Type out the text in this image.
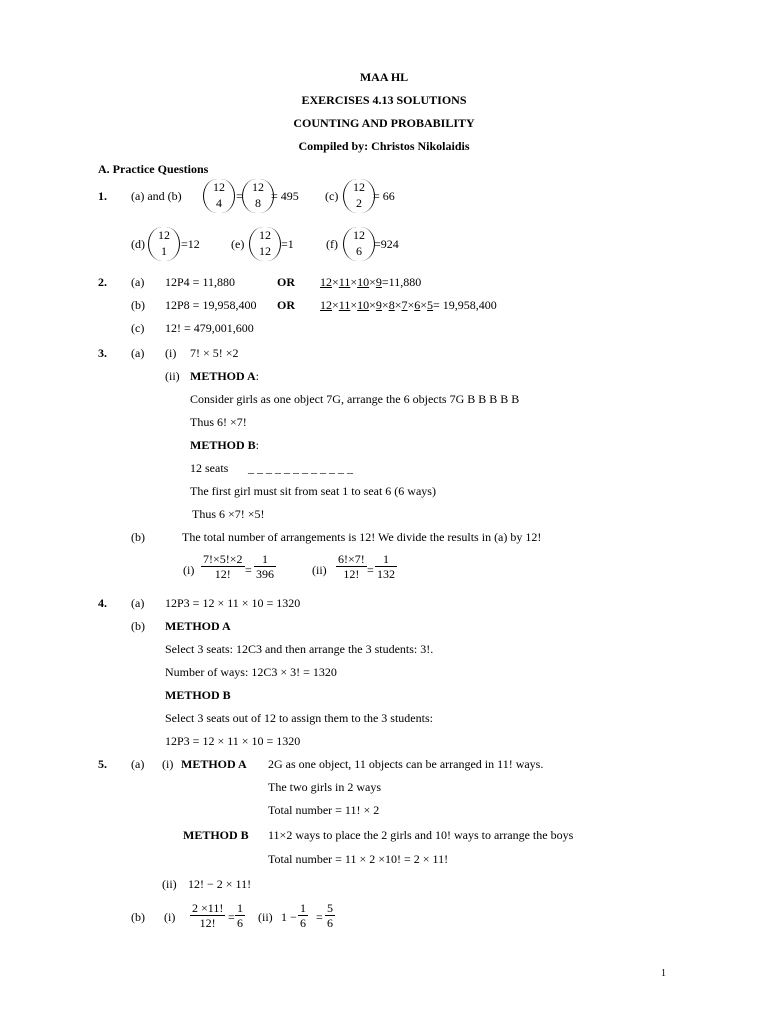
MAA HL
EXERCISES 4.13 SOLUTIONS
COUNTING AND PROBABILITY
Compiled by: Christos Nikolaidis
A. Practice Questions
1. (a) and (b)
12
4	=
12
8 = 495 (c)
12
2 = 66
(d)
12
1	=12	(e)
12
12 =1	(f)
12
6	=924
2. (a) 12P4 = 11,880	OR 12×11×10×9=11,880
(b) 12P8 = 19,958,400 OR 12×11×10×9×8×7×6×5= 19,958,400
(c) 12! = 479,001,600
3. (a) (i) 7! × 5! ×2
(ii) METHOD A:
Consider girls as one object 7G, arrange the 6 objects 7G B B B B B
Thus 6! ×7!
METHOD B:
12 seats _ _ _ _ _ _ _ _ _ _ _ _
The first girl must sit from seat 1 to seat 6 (6 ways)
Thus 6 ×7! ×5!
(b)	The total number of arrangements is 12! We divide the results in (a) by 12!
$(i) \frac{7!\times 5!\times 2}{12!} = \frac{1}{396}$	$(ii) \frac{6!\times 7!}{12!} = \frac{1}{132}$
4. (a) 12P3 = 12 × 11 × 10 = 1320
(b) METHOD A
Select 3 seats: 12C3 and then arrange the 3 students: 3!.
Number of ways: 12C3 × 3! = 1320
METHOD B
Select 3 seats out of 12 to assign them to the 3 students:
12P3 = 12 × 11 × 10 = 1320
5. (a) (i) METHOD A 2G as one object, 11 objects can be arranged in 11! ways.
The two girls in 2 ways
Total number = 11! × 2
METHOD B 11×2 ways to place the 2 girls and 10! ways to arrange the boys
Total number = 11 × 2 ×10! = 2 × 11!
(ii) 12! − 2 × 11!
(b) $(i) \frac{2 \times 11!}{12!} = \frac{1}{6} (ii) 1 - \frac{1}{6} = \frac{5}{6}$
1
